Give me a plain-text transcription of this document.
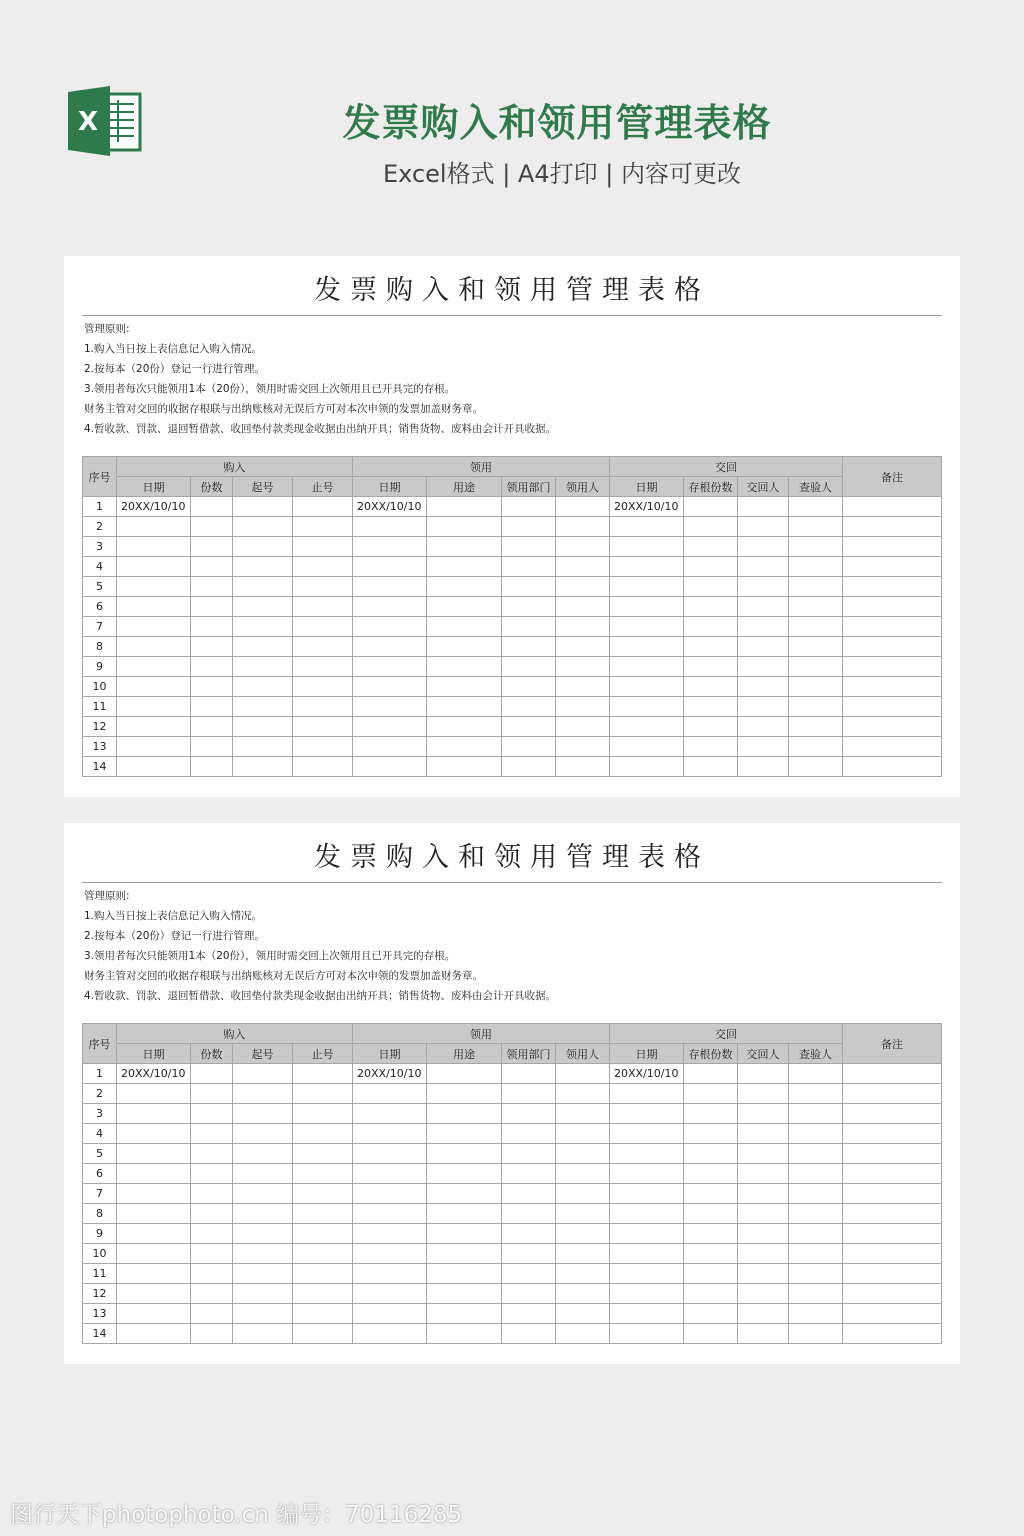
X	发票购入和领用管理表格
Excel格式 | A4打印 | 内容可更改
发票购入和领用管理表格
管理原则:
1.购入当日按上表信息记入购入情况。
2.按每本（20份）登记一行进行管理。
3.领用者每次只能领用1本（20份），领用时需交回上次领用且已开具完的存根。
财务主管对交回的收据存根联与出纳账核对无误后方可对本次申领的发票加盖财务章。
4.暂收款、罚款、退回暂借款、收回垫付款类现金收据由出纳开具；销售货物、废料由会计开具收据。
序号	购入				领用				交回				备注
	日期	份数	起号	止号	日期	用途	领用部门	领用人	日期	存根份数	交回人	查验人	
1	20XX/10/10				20XX/10/10				20XX/10/10				
2													
3													
4													
5													
6													
7													
8													
9													
10													
11													
12													
13													
14													
发票购入和领用管理表格
管理原则:
1.购入当日按上表信息记入购入情况。
2.按每本（20份）登记一行进行管理。
3.领用者每次只能领用1本（20份），领用时需交回上次领用且已开具完的存根。
财务主管对交回的收据存根联与出纳账核对无误后方可对本次申领的发票加盖财务章。
4.暂收款、罚款、退回暂借款、收回垫付款类现金收据由出纳开具；销售货物、废料由会计开具收据。
序号	购入				领用				交回				备注
	日期	份数	起号	止号	日期	用途	领用部门	领用人	日期	存根份数	交回人	查验人	
1	20XX/10/10				20XX/10/10				20XX/10/10				
2													
3													
4													
5													
6													
7													
8													
9													
10													
11													
12													
13													
14													
图行天下photophoto.cn 编号：70116285
